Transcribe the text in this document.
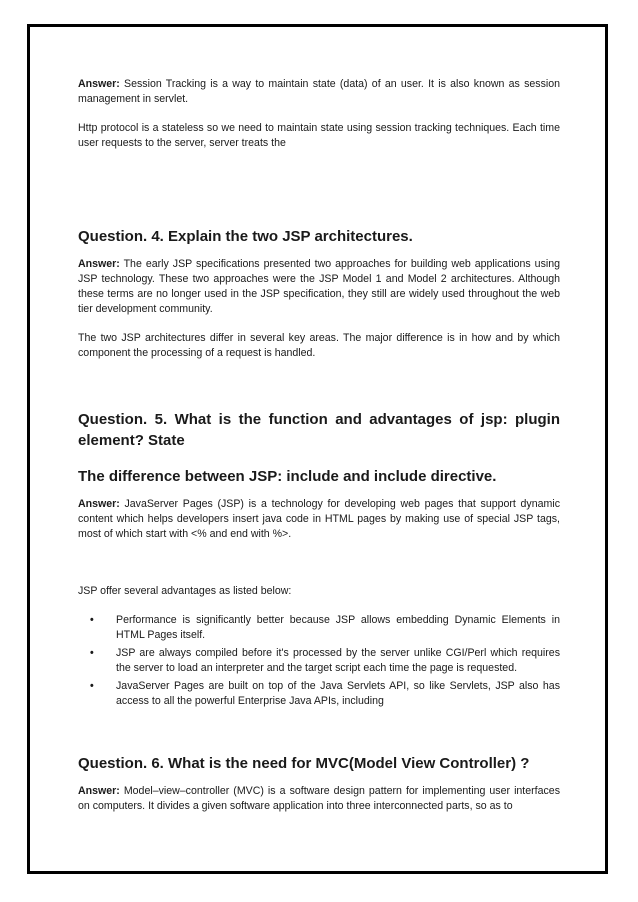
Answer: Session Tracking is a way to maintain state (data) of an user. It is also known as session management in servlet.

Http protocol is a stateless so we need to maintain state using session tracking techniques. Each time user requests to the server, server treats the

Question. 4. Explain the two JSP architectures.

Answer: The early JSP specifications presented two approaches for building web applications using JSP technology. These two approaches were the JSP Model 1 and Model 2 architectures. Although these terms are no longer used in the JSP specification, they still are widely used throughout the web tier development community.

The two JSP architectures differ in several key areas. The major difference is in how and by which component the processing of a request is handled.

Question. 5. What is the function and advantages of jsp: plugin
element? State
The difference between JSP: include and include directive.

Answer: JavaServer Pages (JSP) is a technology for developing web pages that support dynamic content which helps developers insert java code in HTML pages by making use of special JSP tags, most of which start with <% and end with %>.

JSP offer several advantages as listed below:

• Performance is significantly better because JSP allows embedding Dynamic Elements in HTML Pages itself.
• JSP are always compiled before it's processed by the server unlike CGI/Perl which requires the server to load an interpreter and the target script each time the page is requested.
• JavaServer Pages are built on top of the Java Servlets API, so like Servlets, JSP also has access to all the powerful Enterprise Java APIs, including
Question. 6. What is the need for MVC(Model View Controller) ?

Answer: Model–view–controller (MVC) is a software design pattern for implementing user interfaces on computers. It divides a given software application into three interconnected parts, so as to
